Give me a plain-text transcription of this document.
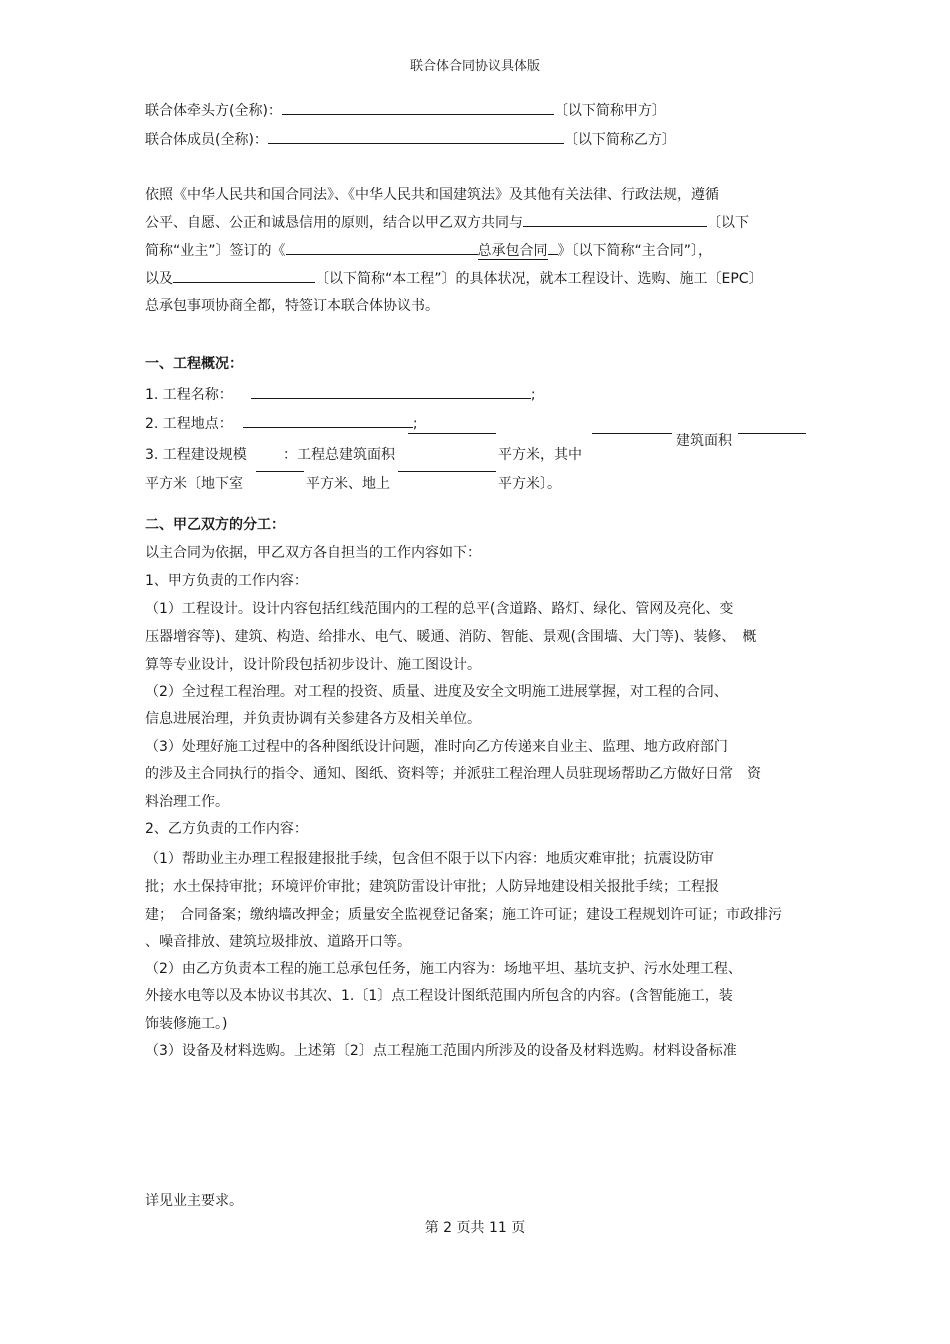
联合体合同协议具体版
联合体牵头方(全称)：	〔以下简称甲方〕
联合体成员(全称)：	〔以下简称乙方〕
依照《中华人民共和国合同法》、《中华人民共和国建筑法》及其他有关法律、行政法规，遵循
公平、自愿、公正和诚恳信用的原则，结合以甲乙双方共同与	〔以下
简称“业主”〕签订的《	总承包合同 》〔以下简称“主合同”〕，
以及	〔以下简称“本工程”〕的具体状况，就本工程设计、选购、施工〔EPC〕
总承包事项协商全都，特签订本联合体协议书。
一、工程概况：
1. 工程名称：	;
2. 工程地点：	;
建筑面积
3. 工程建设规模	：工程总建筑面积	平方米，其中
平方米〔地下室	平方米、地上	平方米〕。
二、甲乙双方的分工：
以主合同为依据，甲乙双方各自担当的工作内容如下：
1、甲方负责的工作内容：
（1）工程设计。设计内容包括红线范围内的工程的总平(含道路、路灯、绿化、管网及亮化、变
压器增容等)、建筑、构造、给排水、电气、暖通、消防、智能、景观(含围墙、大门等)、装修、　概
算等专业设计，设计阶段包括初步设计、施工图设计。
（2）全过程工程治理。对工程的投资、质量、进度及安全文明施工进展掌握，对工程的合同、
信息进展治理，并负责协调有关参建各方及相关单位。
（3）处理好施工过程中的各种图纸设计问题，准时向乙方传递来自业主、监理、地方政府部门
的涉及主合同执行的指令、通知、图纸、资料等；并派驻工程治理人员驻现场帮助乙方做好日常　资
料治理工作。
2、乙方负责的工作内容：
（1）帮助业主办理工程报建报批手续，包含但不限于以下内容：地质灾难审批；抗震设防审
批；水土保持审批；环境评价审批；建筑防雷设计审批；人防异地建设相关报批手续；工程报
建；　合同备案；缴纳墙改押金；质量安全监视登记备案；施工许可证；建设工程规划许可证；市政排污
、噪音排放、建筑垃圾排放、道路开口等。
（2）由乙方负责本工程的施工总承包任务，施工内容为：场地平坦、基坑支护、污水处理工程、
外接水电等以及本协议书其次、1.〔1〕点工程设计图纸范围内所包含的内容。(含智能施工，装
饰装修施工。)
（3）设备及材料选购。上述第〔2〕点工程施工范围内所涉及的设备及材料选购。材料设备标准
详见业主要求。
第 2 页共 11 页
